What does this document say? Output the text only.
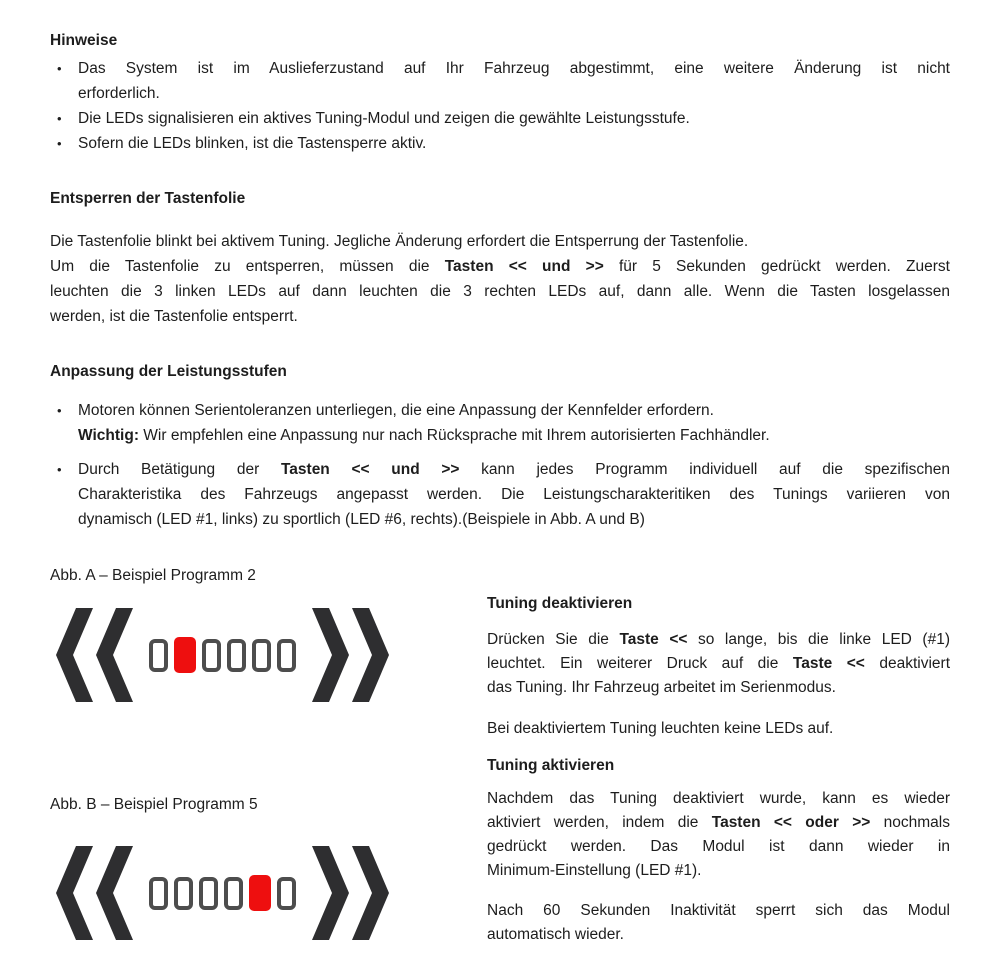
Hinweise
•	Das System ist im Auslieferzustand auf Ihr Fahrzeug abgestimmt, eine weitere Änderung ist nicht
erforderlich.
•	Die LEDs signalisieren ein aktives Tuning-Modul und zeigen die gewählte Leistungsstufe.
•	Sofern die LEDs blinken, ist die Tastensperre aktiv.
Entsperren der Tastenfolie
Die Tastenfolie blinkt bei aktivem Tuning. Jegliche Änderung erfordert die Entsperrung der Tastenfolie.
Um die Tastenfolie zu entsperren, müssen die Tasten << und >> für 5 Sekunden gedrückt werden. Zuerst
leuchten die 3 linken LEDs auf dann leuchten die 3 rechten LEDs auf, dann alle. Wenn die Tasten losgelassen
werden, ist die Tastenfolie entsperrt.
Anpassung der Leistungsstufen
•	Motoren können Serientoleranzen unterliegen, die eine Anpassung der Kennfelder erfordern.
Wichtig: Wir empfehlen eine Anpassung nur nach Rücksprache mit Ihrem autorisierten Fachhändler.
•	Durch Betätigung der Tasten << und >> kann jedes Programm individuell auf die spezifischen
Charakteristika des Fahrzeugs angepasst werden. Die Leistungscharakteritiken des Tunings variieren von
dynamisch (LED #1, links) zu sportlich (LED #6, rechts).(Beispiele in Abb. A und B)

Abb. A – Beispiel Programm 2

Abb. B – Beispiel Programm 5

Tuning deaktivieren
Drücken Sie die Taste << so lange, bis die linke LED (#1)
leuchtet. Ein weiterer Druck auf die Taste << deaktiviert
das Tuning. Ihr Fahrzeug arbeitet im Serienmodus.
Bei deaktiviertem Tuning leuchten keine LEDs auf.
Tuning aktivieren
Nachdem das Tuning deaktiviert wurde, kann es wieder
aktiviert werden, indem die Tasten << oder >> nochmals
gedrückt werden. Das Modul ist dann wieder in
Minimum-Einstellung (LED #1).
Nach 60 Sekunden Inaktivität sperrt sich das Modul
automatisch wieder.
